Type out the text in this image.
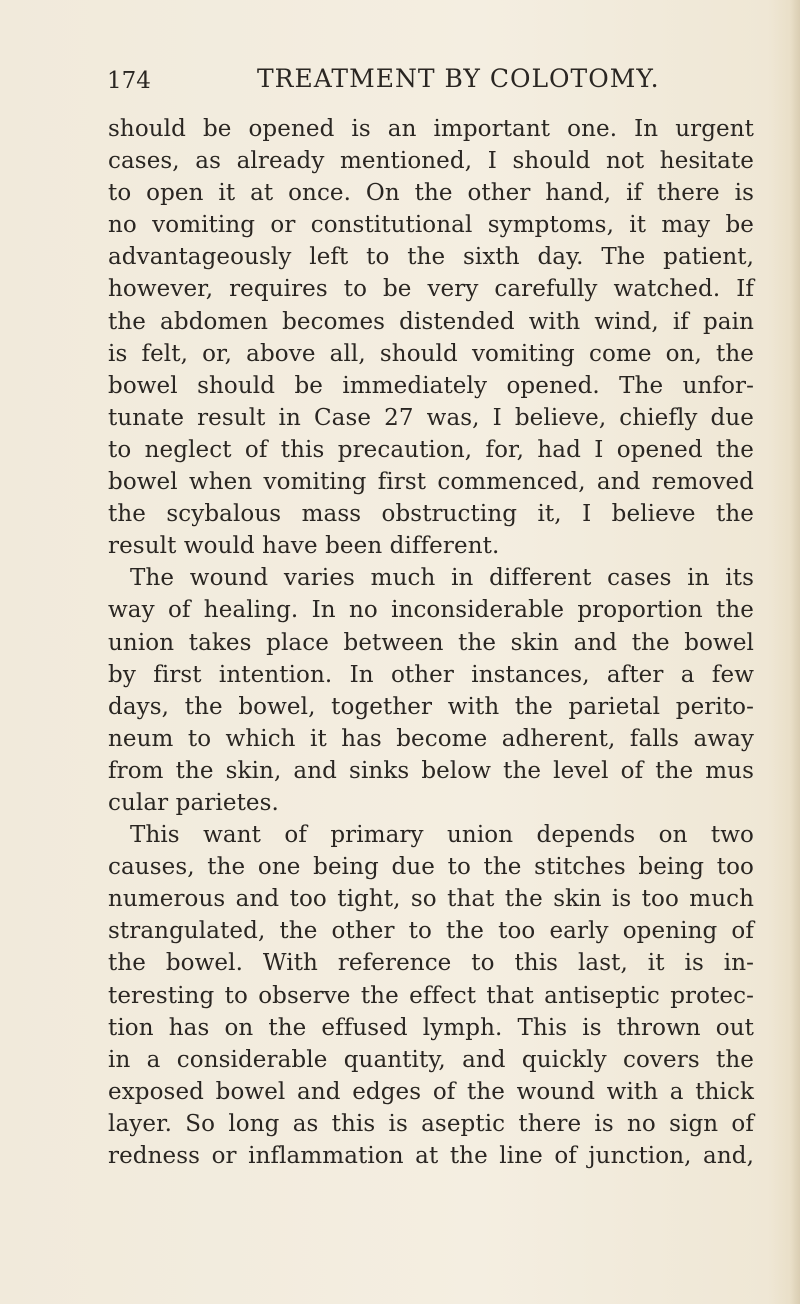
174	TREATMENT BY COLOTOMY.
should be opened is an important one. In urgent
cases, as already mentioned, I should not hesitate
to open it at once. On the other hand, if there is
no vomiting or constitutional symptoms, it may be
advantageously left to the sixth day. The patient,
however, requires to be very carefully watched. If
the abdomen becomes distended with wind, if pain
is felt, or, above all, should vomiting come on, the
bowel should be immediately opened. The unfor-
tunate result in Case 27 was, I believe, chiefly due
to neglect of this precaution, for, had I opened the
bowel when vomiting first commenced, and removed
the scybalous mass obstructing it, I believe the
result would have been different.
The wound varies much in different cases in its
way of healing. In no inconsiderable proportion the
union takes place between the skin and the bowel
by first intention. In other instances, after a few
days, the bowel, together with the parietal perito-
neum to which it has become adherent, falls away
from the skin, and sinks below the level of the mus
cular parietes.
This want of primary union depends on two
causes, the one being due to the stitches being too
numerous and too tight, so that the skin is too much
strangulated, the other to the too early opening of
the bowel. With reference to this last, it is in-
teresting to observe the effect that antiseptic protec-
tion has on the effused lymph. This is thrown out
in a considerable quantity, and quickly covers the
exposed bowel and edges of the wound with a thick
layer. So long as this is aseptic there is no sign of
redness or inflammation at the line of junction, and,
